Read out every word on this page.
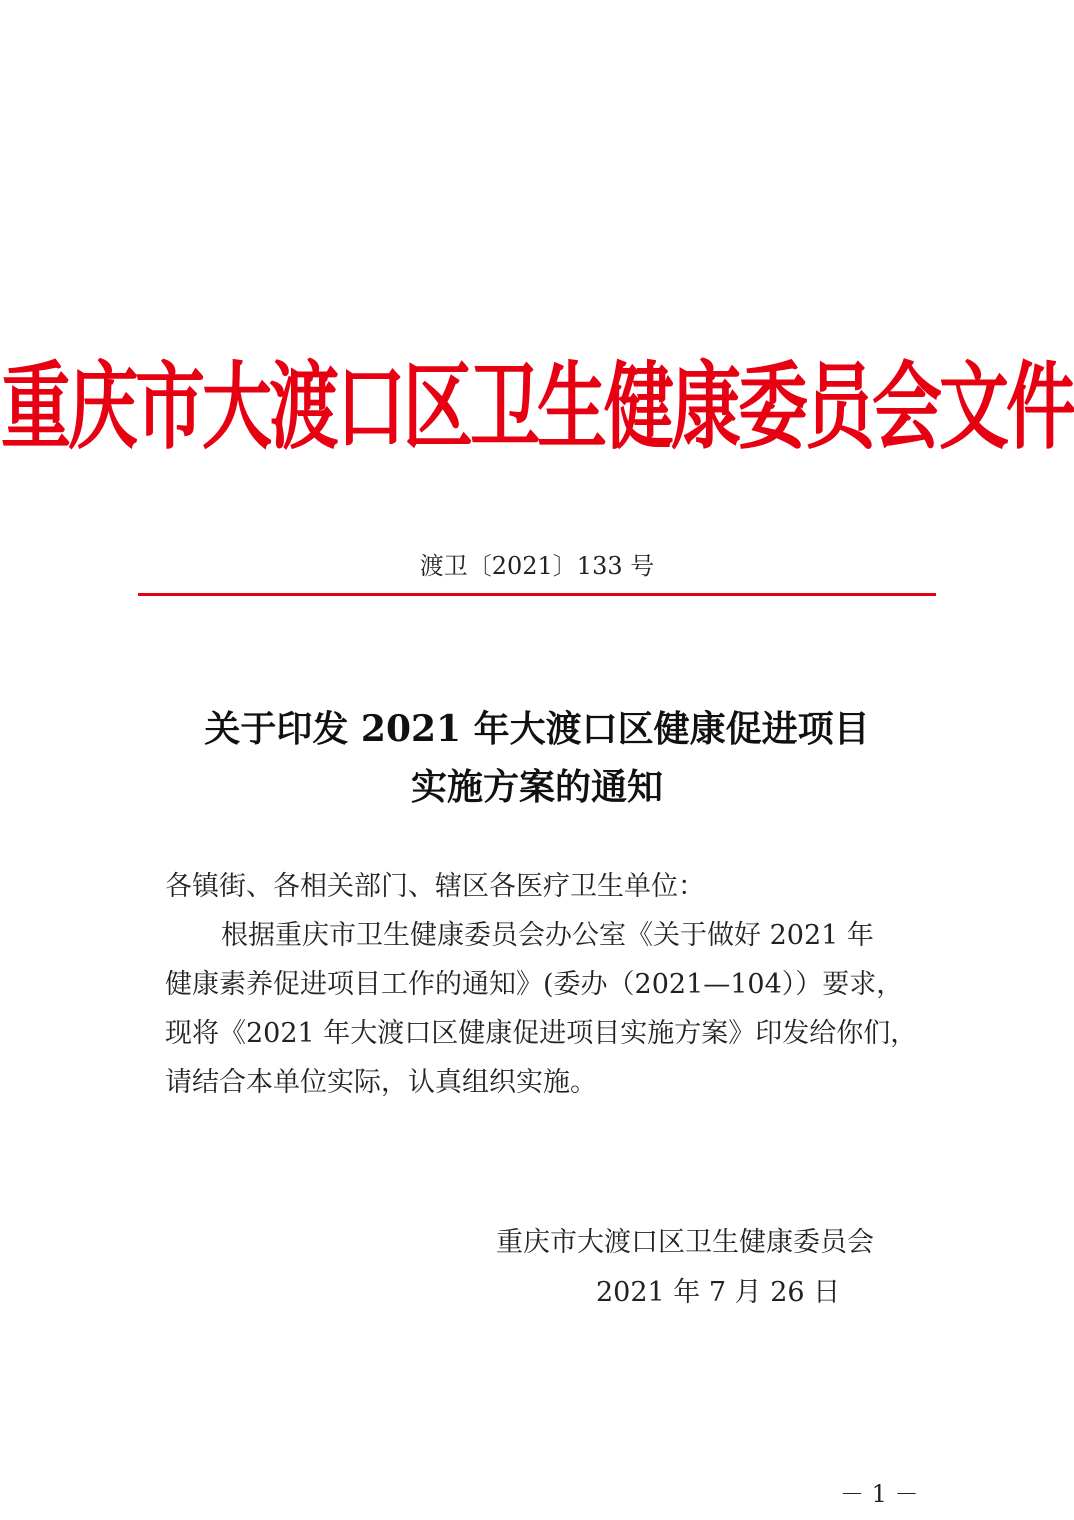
重庆市大渡口区卫生健康委员会文件
渡卫〔2021〕133 号
关于印发 2021 年大渡口区健康促进项目
实施方案的通知
各镇街、各相关部门、辖区各医疗卫生单位：
根据重庆市卫生健康委员会办公室《关于做好 2021 年
健康素养促进项目工作的通知》(委办（2021—104））要求，
现将《2021 年大渡口区健康促进项目实施方案》印发给你们，
请结合本单位实际，认真组织实施。
重庆市大渡口区卫生健康委员会
2021 年 7 月 26 日
－ 1 －
